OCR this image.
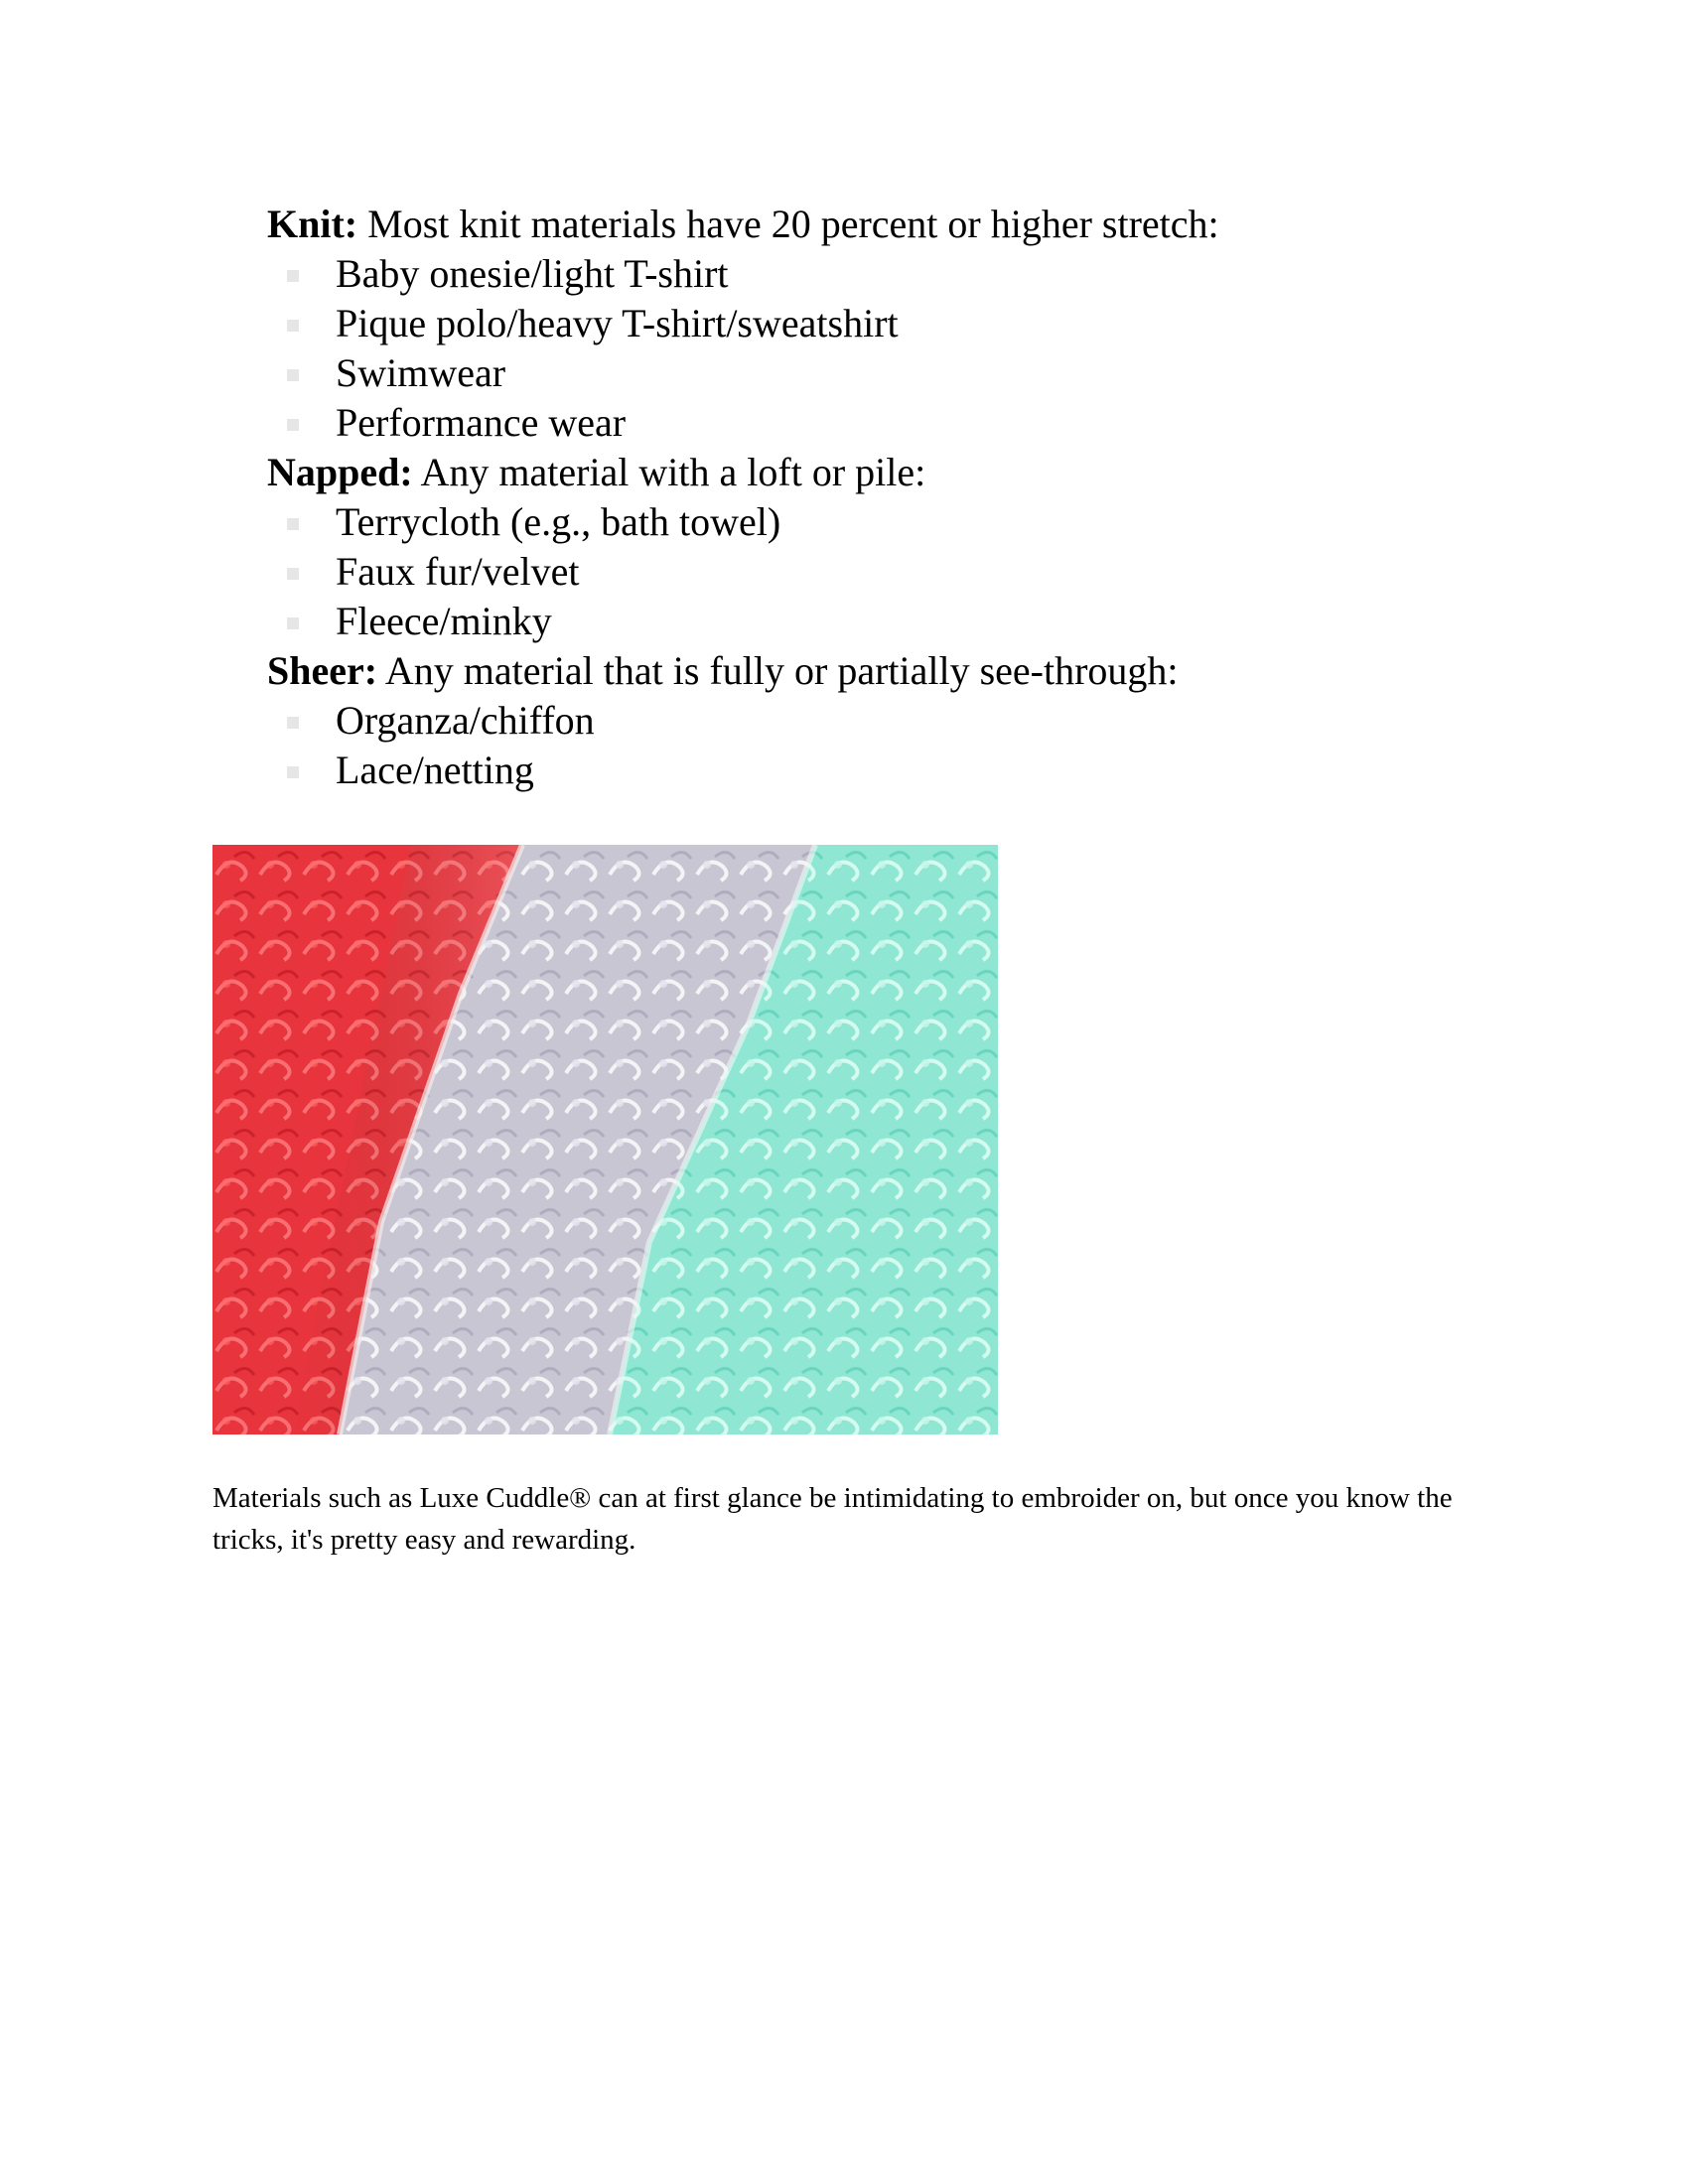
Knit: Most knit materials have 20 percent or higher stretch:
Baby onesie/light T-shirt
Pique polo/heavy T-shirt/sweatshirt
Swimwear
Performance wear
Napped: Any material with a loft or pile:
Terrycloth (e.g., bath towel)
Faux fur/velvet
Fleece/minky
Sheer: Any material that is fully or partially see-through:
Organza/chiffon
Lace/netting

Materials such as Luxe Cuddle® can at first glance be intimidating to embroider on, but once you know the tricks, it's pretty easy and rewarding.
